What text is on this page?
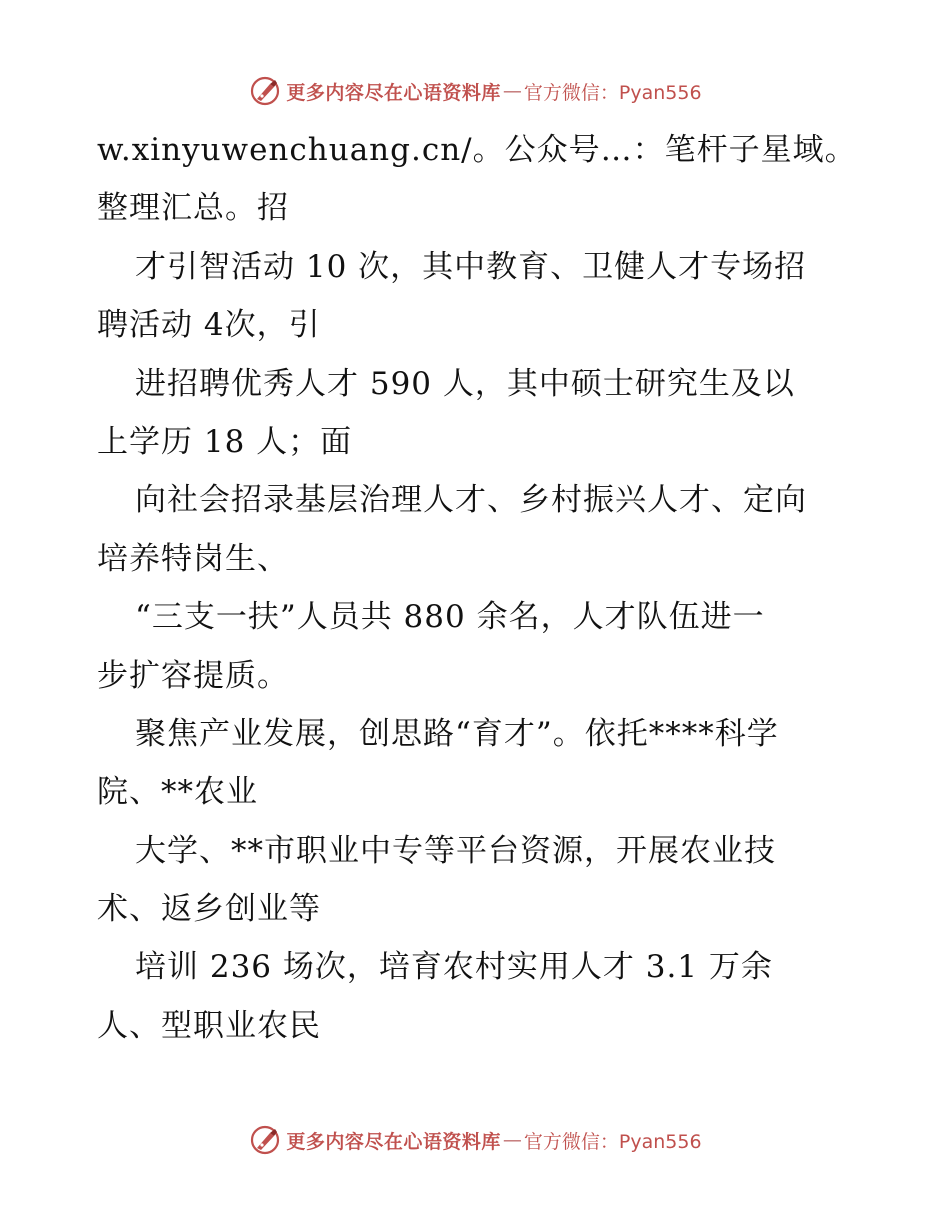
更多内容尽在心语资料库 — 官方微信：Pyan556
w.xinyuwenchuang.cn/。公众号…：笔杆子星域。
整理汇总。招
才引智活动 10 次，其中教育、卫健人才专场招
聘活动 4次，引
进招聘优秀人才 590 人，其中硕士研究生及以
上学历 18 人；面
向社会招录基层治理人才、乡村振兴人才、定向
培养特岗生、
“三支一扶”人员共 880 余名，人才队伍进一
步扩容提质。
聚焦产业发展，创思路“育才”。依托****科学
院、**农业
大学、**市职业中专等平台资源，开展农业技
术、返乡创业等
培训 236 场次，培育农村实用人才 3.1 万余
人、型职业农民
更多内容尽在心语资料库 — 官方微信：Pyan556
